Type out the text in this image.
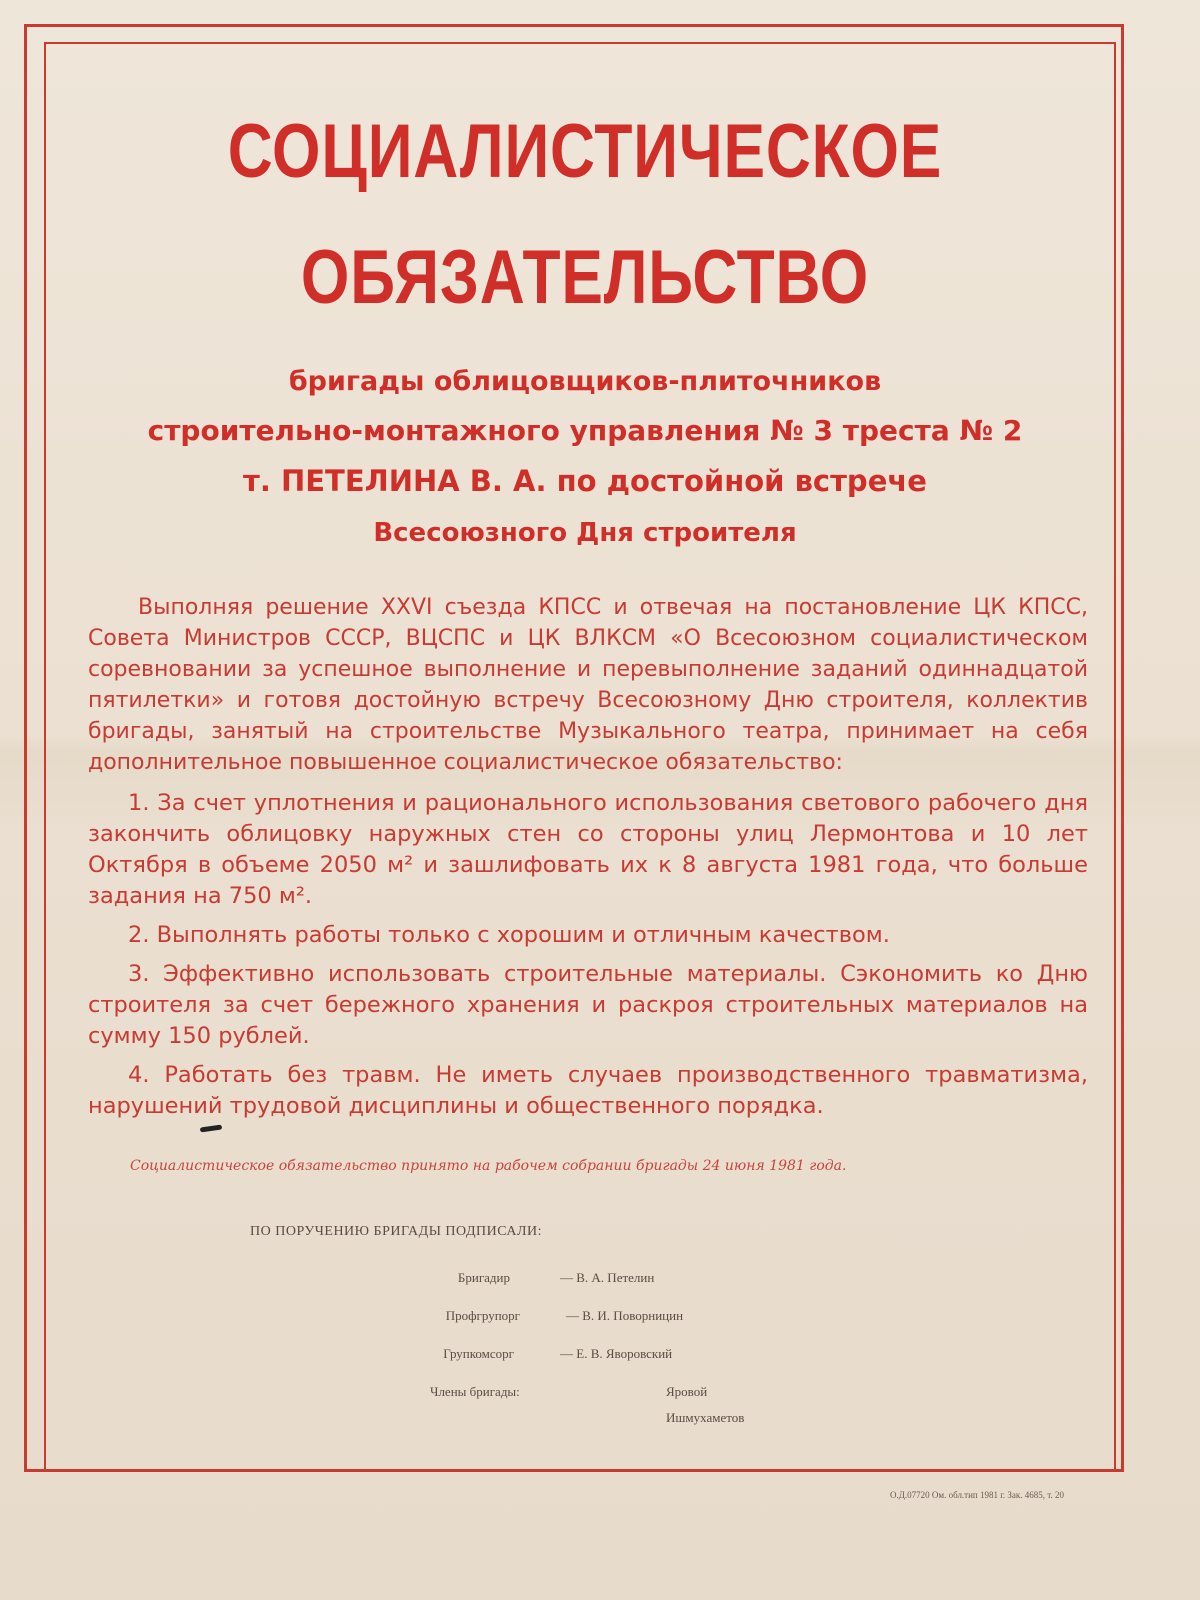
СОЦИАЛИСТИЧЕСКОЕ
ОБЯЗАТЕЛЬСТВО

бригады облицовщиков-плиточников

строительно-монтажного управления № 3 треста № 2

т. ПЕТЕЛИНА В. А. по достойной встрече

Всесоюзного Дня строителя

Выполняя решение XXVI съезда КПСС и отвечая на постановление ЦК КПСС, Совета Министров СССР, ВЦСПС и ЦК ВЛКСМ «О Всесоюзном социалистическом соревновании за успешное выполнение и перевыполнение заданий одиннадцатой пятилетки» и готовя достойную встречу Всесоюзному Дню строителя, коллектив бригады, занятый на строительстве Музыкального театра, принимает на себя дополнительное повышенное социалистическое обязательство:

1. За счет уплотнения и рационального использования светового рабочего дня закончить облицовку наружных стен со стороны улиц Лермонтова и 10 лет Октября в объеме 2050 м² и зашлифовать их к 8 августа 1981 года, что больше задания на 750 м².

2. Выполнять работы только с хорошим и отличным качеством.

3. Эффективно использовать строительные материалы. Сэкономить ко Дню строителя за счет бережного хранения и раскроя строительных материалов на сумму 150 рублей.

4. Работать без травм. Не иметь случаев производственного травматизма, нарушений трудовой дисциплины и общественного порядка.

Социалистическое обязательство принято на рабочем собрании бригады 24 июня 1981 года.

ПО ПОРУЧЕНИЮ БРИГАДЫ ПОДПИСАЛИ:

Бригадир	— В. А. Петелин
Профгрупорг	— В. И. Поворницин
Групкомсорг	— Е. В. Яворовский
Члены бригады:	Яровой
Ишмухаметов
О.Д.07720 Ом. обл.тип 1981 г. Зак. 4685, т. 20
